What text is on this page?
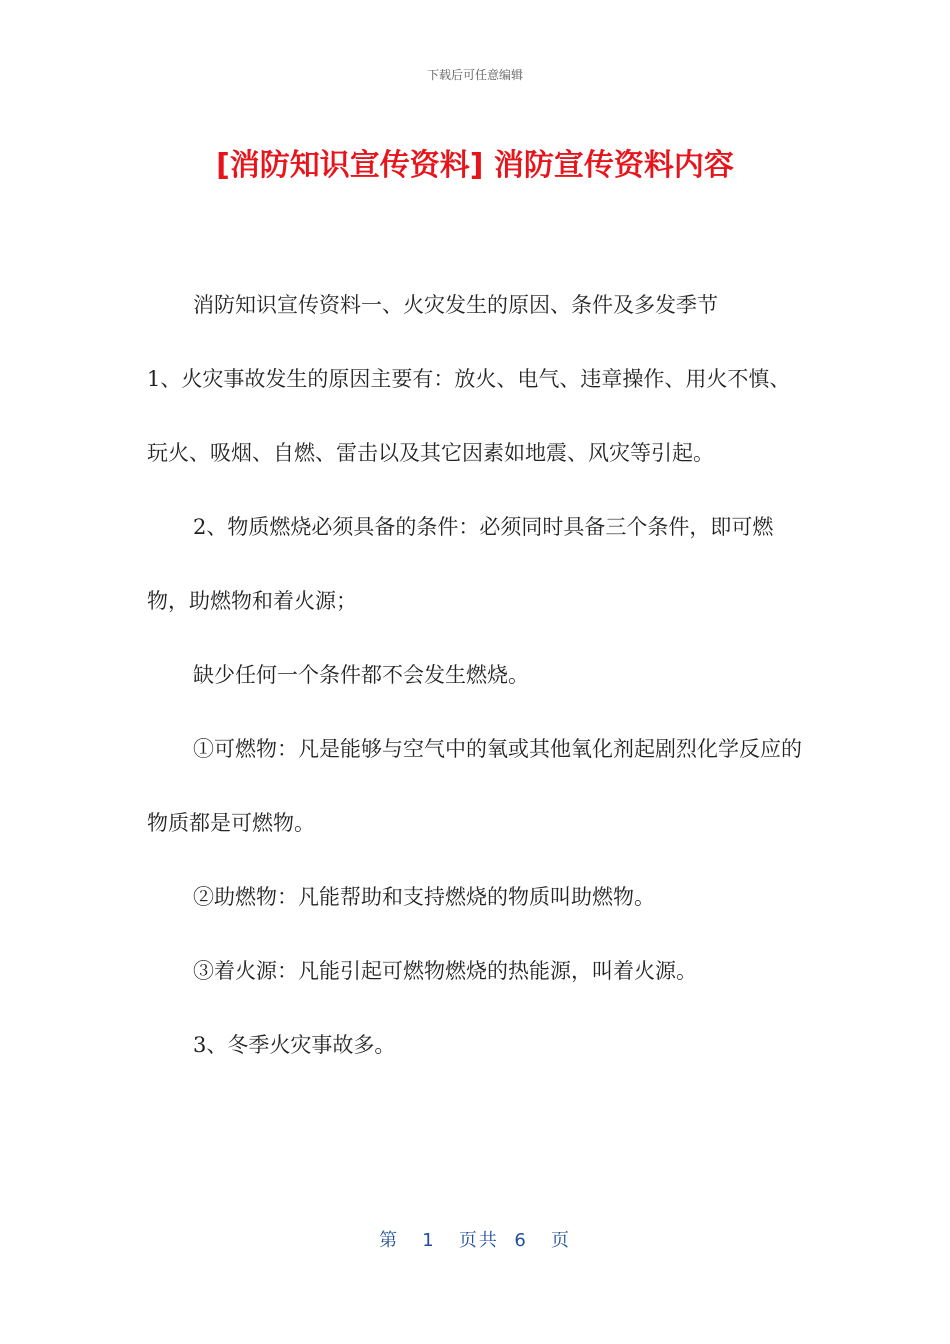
下载后可任意编辑
[消防知识宣传资料] 消防宣传资料内容

消防知识宣传资料一、火灾发生的原因、条件及多发季节

1、火灾事故发生的原因主要有：放火、电气、违章操作、用火不慎、玩火、吸烟、自燃、雷击以及其它因素如地震、风灾等引起。

2、物质燃烧必须具备的条件：必须同时具备三个条件，即可燃物，助燃物和着火源；

缺少任何一个条件都不会发生燃烧。

①可燃物：凡是能够与空气中的氧或其他氧化剂起剧烈化学反应的物质都是可燃物。

②助燃物：凡能帮助和支持燃烧的物质叫助燃物。

③着火源：凡能引起可燃物燃烧的热能源，叫着火源。

3、冬季火灾事故多。

第 1 页共 6 页
